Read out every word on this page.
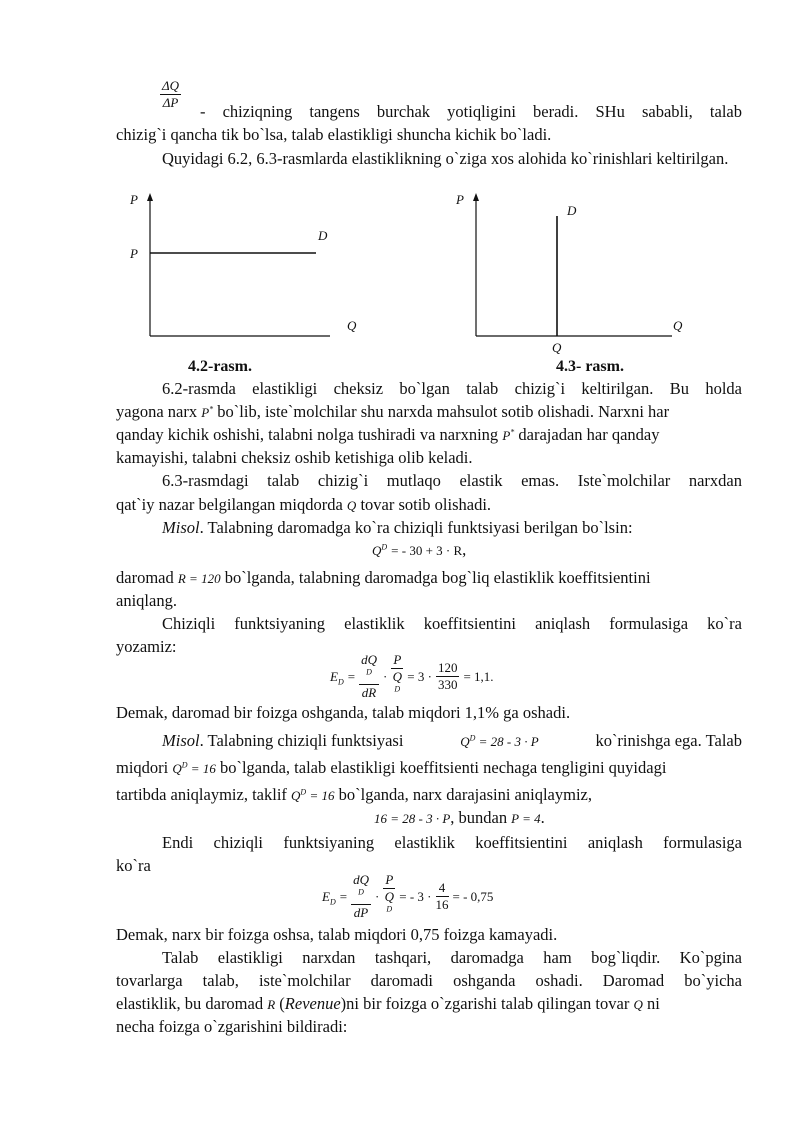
$\frac{\Delta Q}{\Delta P}$
- chiziqning tangens burchak yotiqligini beradi. SHu sababli, talab
chizig`i qancha tik bo`lsa, talab elastikligi shuncha kichik bo`ladi.
Quyidagi 6.2, 6.3-rasmlarda elastiklikning o`ziga xos alohida ko`rinishlari keltirilgan.
P
P
D
Q
4.2-rasm.
P
D
Q
Q
4.3- rasm.
6.2-rasmda elastikligi cheksiz bo`lgan talab chizig`i keltirilgan. Bu holda
yagona narx P* bo`lib, iste`molchilar shu narxda mahsulot sotib olishadi. Narxni har
qanday kichik oshishi, talabni nolga tushiradi va narxning P* darajadan har qanday
kamayishi, talabni cheksiz oshib ketishiga olib keladi.
6.3-rasmdagi talab chizig`i mutlaqo elastik emas. Iste`molchilar narxdan
qat`iy nazar belgilangan miqdorda Q tovar sotib olishadi.
Misol. Talabning daromadga ko`ra chiziqli funktsiyasi berilgan bo`lsin:
$Q^D$ = - 30 + 3 · R,
daromad R = 120 bo`lganda, talabning daromadga bog`liq elastiklik koeffitsientini
aniqlang.
Chiziqli funktsiyaning elastiklik koeffitsientini aniqlash formulasiga ko`ra
yozamiz:
$E_D$ = dQ
$^D$
dR · P
Q
$^D = 3 \cdot \frac{120}{330} = 1,1$.
Demak, daromad bir foizga oshganda, talab miqdori 1,1% ga oshadi.
Misol. Talabning chiziqli funktsiyasi	$Q^D = 28 - 3 \cdot P$	ko`rinishga ega. Talab
miqdori $Q^D = 16$ bo`lganda, talab elastikligi koeffitsienti nechaga tengligini quyidagi
tartibda aniqlaymiz, taklif $Q^D = 16$ bo`lganda, narx darajasini aniqlaymiz,
16 = 28 - 3 · P, bundan P = 4.
Endi chiziqli funktsiyaning elastiklik koeffitsientini aniqlash formulasiga
ko`ra
$E_D$ = dQ
$^D$
dP · P
Q
$^D$ = - $3 \cdot \frac{4}{16}$ = - 0,75
Demak, narx bir foizga oshsa, talab miqdori 0,75 foizga kamayadi.
Talab elastikligi narxdan tashqari, daromadga ham bog`liqdir. Ko`pgina
tovarlarga talab, iste`molchilar daromadi oshganda oshadi. Daromad bo`yicha
elastiklik, bu daromad R (Revenue)ni bir foizga o`zgarishi talab qilingan tovar Q ni
necha foizga o`zgarishini bildiradi:
